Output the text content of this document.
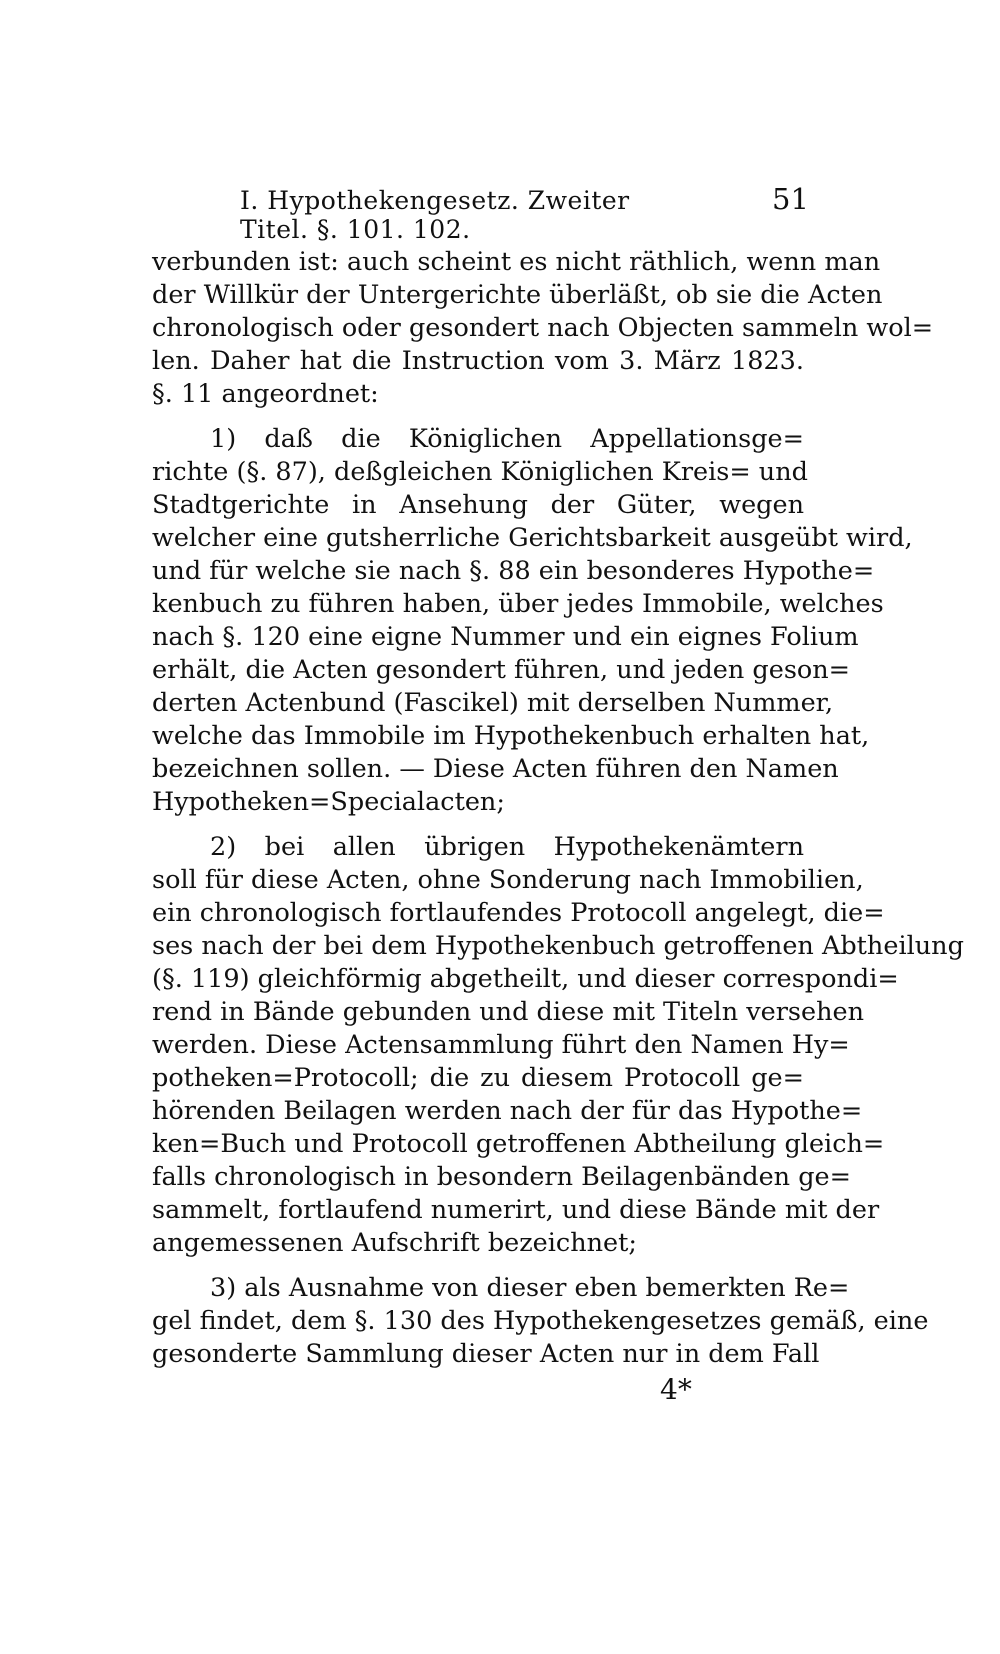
I. Hypothekengesetz. Zweiter Titel. §. 101. 102.
51
verbunden ist: auch scheint es nicht räthlich, wenn man
der Willkür der Untergerichte überläßt, ob sie die Acten
chronologisch oder gesondert nach Objecten sammeln wol=
len. Daher hat die Instruction vom 3. März 1823.
§. 11 angeordnet:
1) daß die Königlichen Appellationsge=
richte (§. 87), deßgleichen Königlichen Kreis= und
Stadtgerichte in Ansehung der Güter, wegen
welcher eine gutsherrliche Gerichtsbarkeit ausgeübt wird,
und für welche sie nach §. 88 ein besonderes Hypothe=
kenbuch zu führen haben, über jedes Immobile, welches
nach §. 120 eine eigne Nummer und ein eignes Folium
erhält, die Acten gesondert führen, und jeden geson=
derten Actenbund (Fascikel) mit derselben Nummer,
welche das Immobile im Hypothekenbuch erhalten hat,
bezeichnen sollen. — Diese Acten führen den Namen
Hypotheken=Specialacten;
2) bei allen übrigen Hypothekenämtern
soll für diese Acten, ohne Sonderung nach Immobilien,
ein chronologisch fortlaufendes Protocoll angelegt, die=
ses nach der bei dem Hypothekenbuch getroffenen Abtheilung
(§. 119) gleichförmig abgetheilt, und dieser correspondi=
rend in Bände gebunden und diese mit Titeln versehen
werden. Diese Actensammlung führt den Namen Hy=
potheken=Protocoll; die zu diesem Protocoll ge=
hörenden Beilagen werden nach der für das Hypothe=
ken=Buch und Protocoll getroffenen Abtheilung gleich=
falls chronologisch in besondern Beilagenbänden ge=
sammelt, fortlaufend numerirt, und diese Bände mit der
angemessenen Aufschrift bezeichnet;
3) als Ausnahme von dieser eben bemerkten Re=
gel findet, dem §. 130 des Hypothekengesetzes gemäß, eine
gesonderte Sammlung dieser Acten nur in dem Fall
4*
